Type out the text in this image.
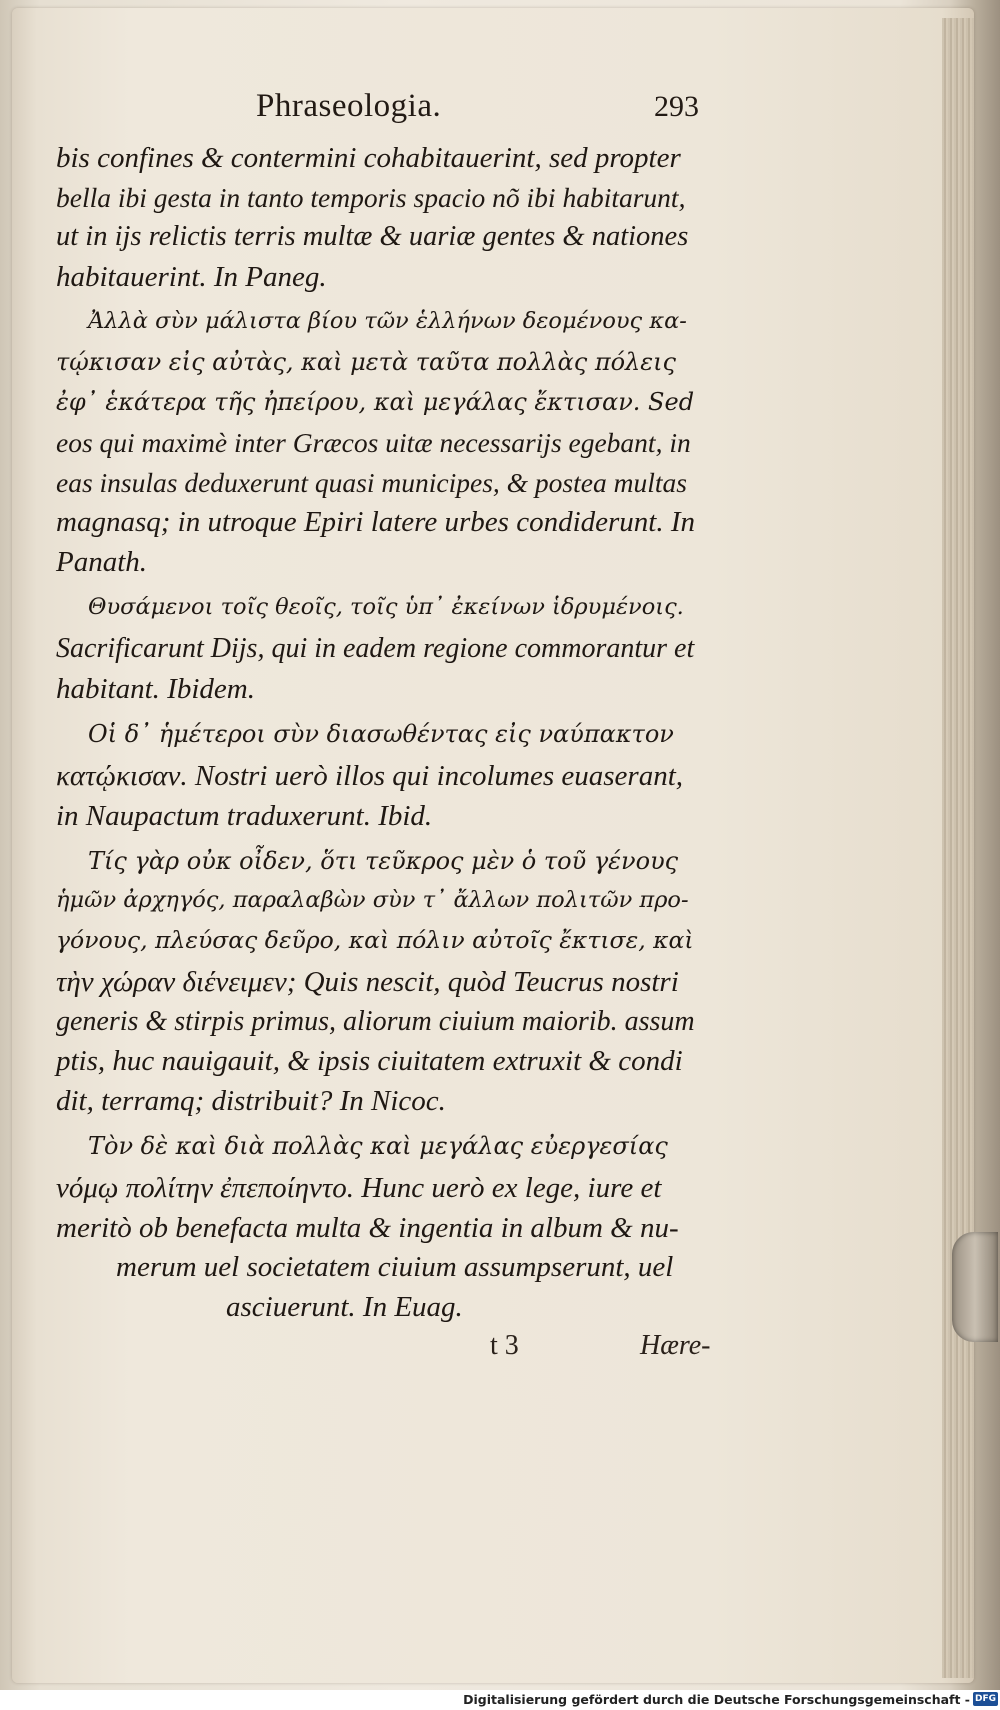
Phraseologia.	293
bis confines & contermini cohabitauerint, sed propter
bella ibi gesta in tanto temporis spacio nõ ibi habitarunt,
ut in ijs relictis terris multæ & uariæ gentes & nationes
habitauerint. In Paneg.
Ἀλλὰ σὺν μάλιστα βίου τῶν ἑλλήνων δεομένους κα-
τῴκισαν εἰς αὐτὰς, καὶ μετὰ ταῦτα πολλὰς πόλεις
ἐφ᾽ ἑκάτερα τῆς ἠπείρου, καὶ μεγάλας ἔκτισαν. Sed
eos qui maximè inter Græcos uitæ necessarijs egebant, in
eas insulas deduxerunt quasi municipes, & postea multas
magnasq; in utroque Epiri latere urbes condiderunt. In
Panath.
Θυσάμενοι τοῖς θεοῖς, τοῖς ὑπ᾽ ἐκείνων ἱδρυμένοις.
Sacrificarunt Dijs, qui in eadem regione commorantur et
habitant. Ibidem.
Οἱ δ᾽ ἡμέτεροι σὺν διασωθέντας εἰς ναύπακτον
κατῴκισαν. Nostri uerò illos qui incolumes euaserant,
in Naupactum traduxerunt. Ibid.
Τίς γὰρ οὐκ οἶδεν, ὅτι τεῦκρος μὲν ὁ τοῦ γένους
ἡμῶν ἀρχηγός, παραλαβὼν σὺν τ᾽ ἄλλων πολιτῶν προ-
γόνους, πλεύσας δεῦρο, καὶ πόλιν αὐτοῖς ἔκτισε, καὶ
τὴν χώραν διένειμεν; Quis nescit, quòd Teucrus nostri
generis & stirpis primus, aliorum ciuium maiorib. assum
ptis, huc nauigauit, & ipsis ciuitatem extruxit & condi
dit, terramq; distribuit? In Nicoc.
Τὸν δὲ καὶ διὰ πολλὰς καὶ μεγάλας εὐεργεσίας
νόμῳ πολίτην ἐπεποίηντο. Hunc uerò ex lege, iure et
meritò ob benefacta multa & ingentia in album & nu-
merum uel societatem ciuium assumpserunt, uel
asciuerunt. In Euag.
t 3	Hære-
Digitalisierung gefördert durch die Deutsche Forschungsgemeinschaft - DFG
